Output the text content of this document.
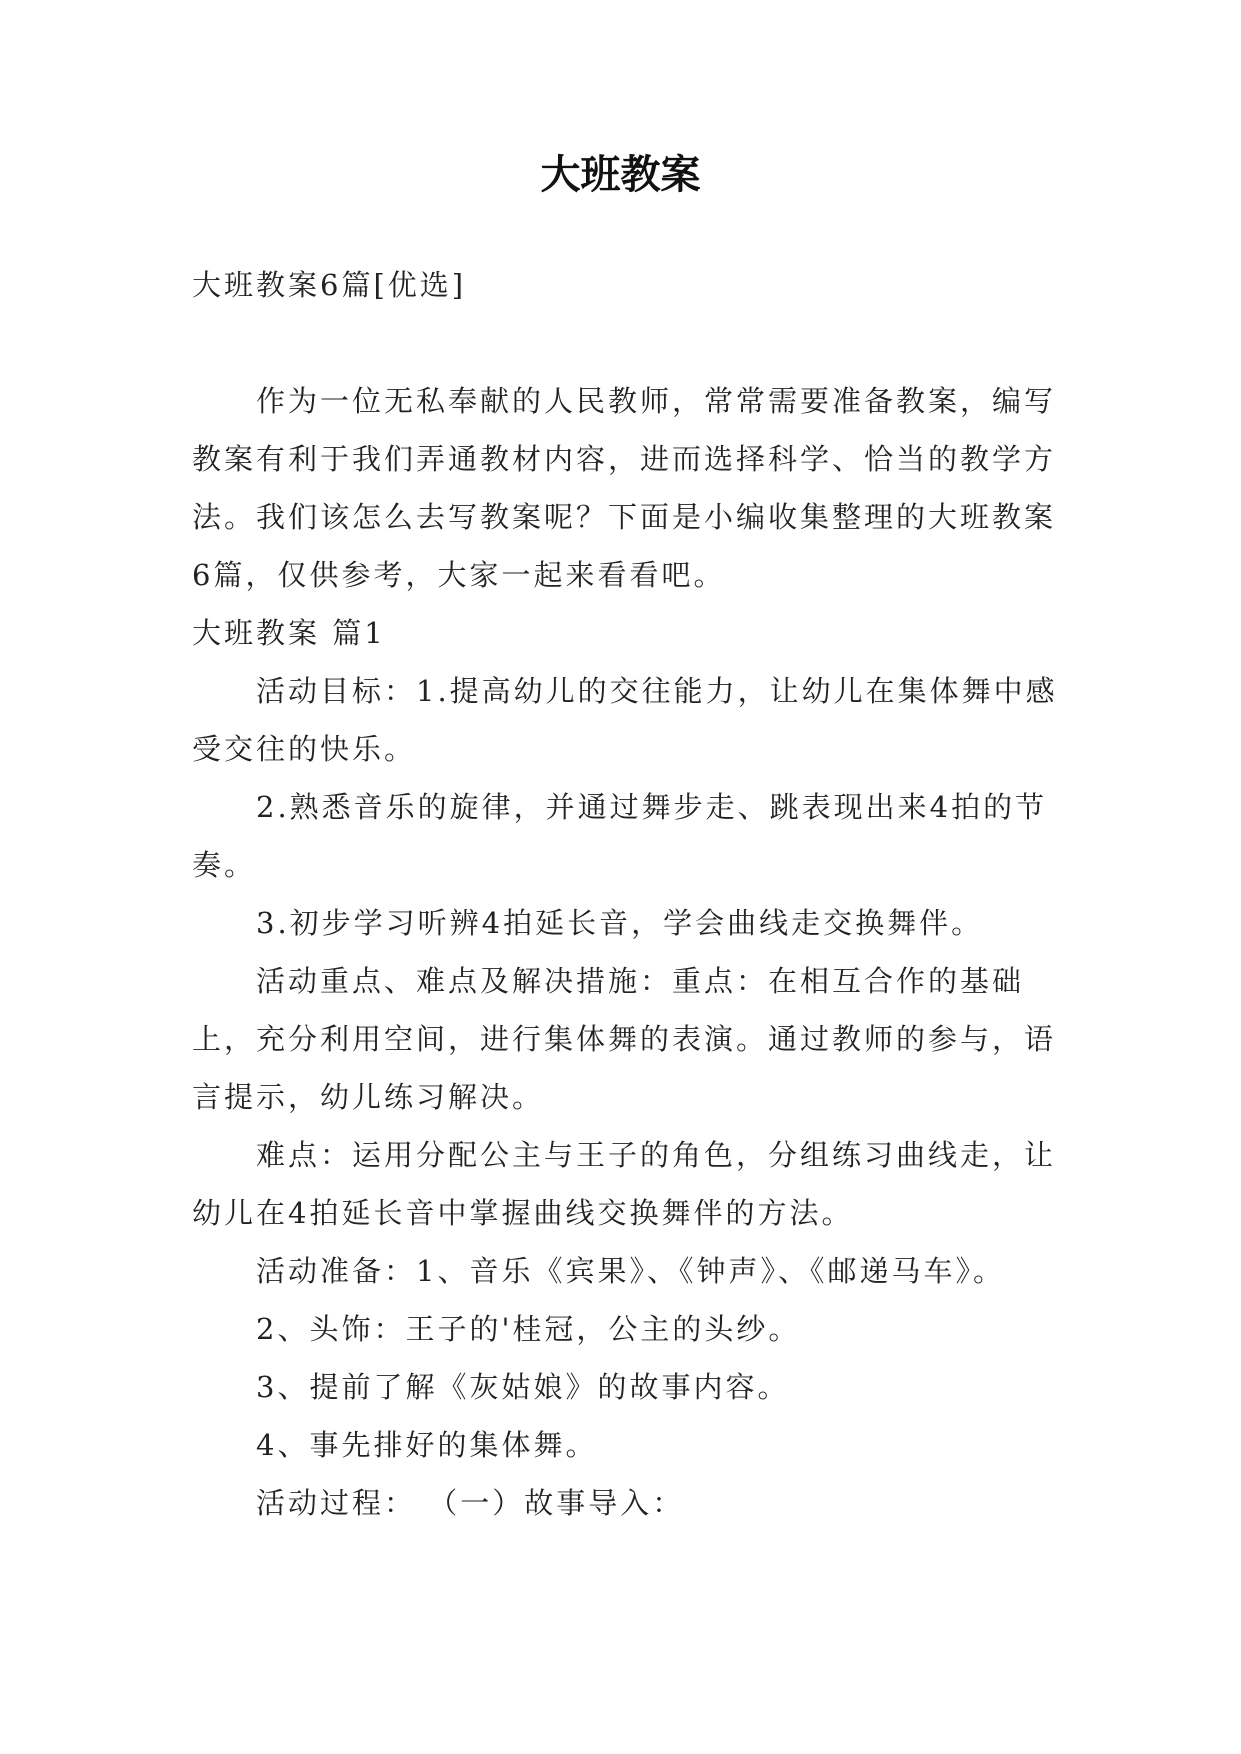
大班教案

大班教案6篇[优选]

作为一位无私奉献的人民教师，常常需要准备教案，编写教案有利于我们弄通教材内容，进而选择科学、恰当的教学方法。我们该怎么去写教案呢？下面是小编收集整理的大班教案6篇，仅供参考，大家一起来看看吧。

大班教案 篇1

活动目标：1.提高幼儿的交往能力，让幼儿在集体舞中感受交往的快乐。

2.熟悉音乐的旋律，并通过舞步走、跳表现出来4拍的节奏。

3.初步学习听辨4拍延长音，学会曲线走交换舞伴。

活动重点、难点及解决措施：重点：在相互合作的基础上，充分利用空间，进行集体舞的表演。通过教师的参与，语言提示，幼儿练习解决。

难点：运用分配公主与王子的角色，分组练习曲线走，让幼儿在4拍延长音中掌握曲线交换舞伴的方法。

活动准备：1、音乐《宾果》、《钟声》、《邮递马车》。

2、头饰：王子的'桂冠，公主的头纱。

3、提前了解《灰姑娘》的故事内容。

4、事先排好的集体舞。

活动过程： （一）故事导入：
